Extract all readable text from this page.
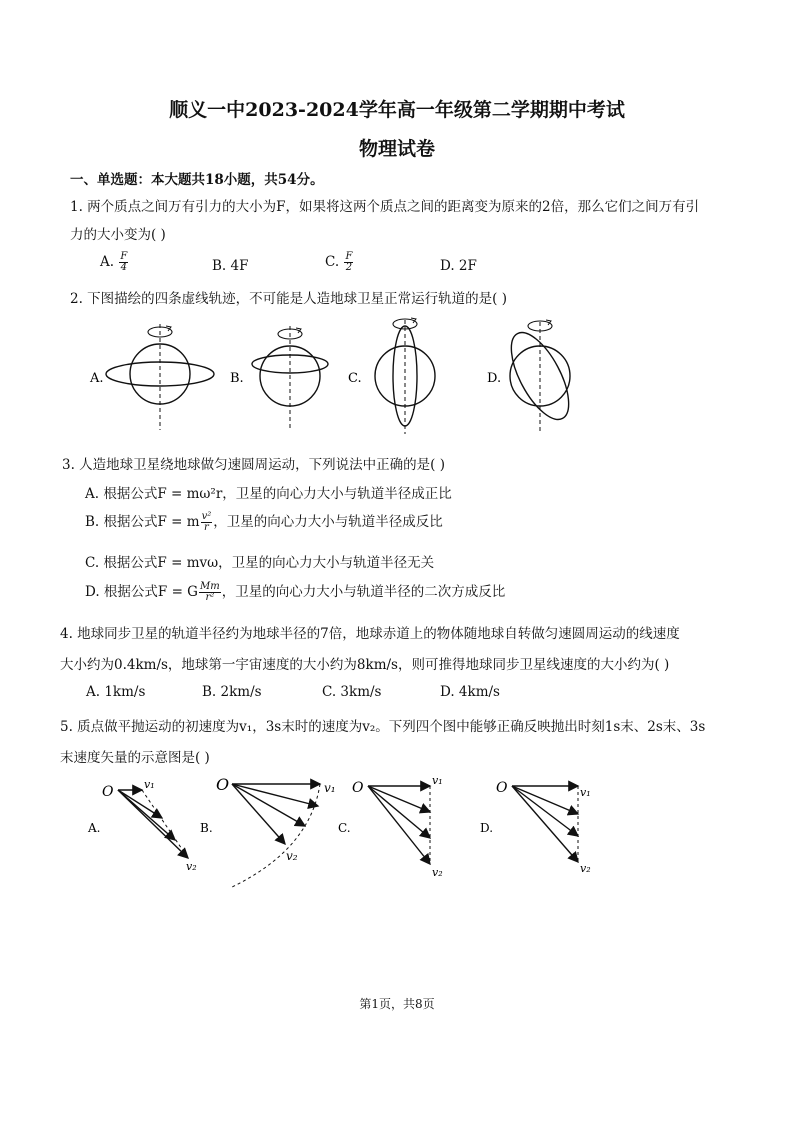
顺义一中2023-2024学年高一年级第二学期期中考试
物理试卷
一、单选题：本大题共18小题，共54分。
1. 两个质点之间万有引力的大小为F，如果将这两个质点之间的距离变为原来的2倍，那么它们之间万有引
力的大小变为( )
A. $\frac{F}{4}$	B. 4F	C. $\frac{F}{2}$	D. 2F
2. 下图描绘的四条虚线轨迹，不可能是人造地球卫星正常运行轨道的是( )
A.	B.	C.	D.
3. 人造地球卫星绕地球做匀速圆周运动，下列说法中正确的是( )
A. 根据公式F = mω²r，卫星的向心力大小与轨道半径成正比
B. 根据公式F = m $\frac{\text{v²}}{r}$ ，卫星的向心力大小与轨道半径成反比
C. 根据公式F = mvω，卫星的向心力大小与轨道半径无关
D. 根据公式F = G $\frac{Mm}{\text{r²}}$ ，卫星的向心力大小与轨道半径的二次方成反比
4. 地球同步卫星的轨道半径约为地球半径的7倍，地球赤道上的物体随地球自转做匀速圆周运动的线速度
大小约为0.4km/s，地球第一宇宙速度的大小约为8km/s，则可推得地球同步卫星线速度的大小约为( )
A. 1km/s	B. 2km/s	C. 3km/s	D. 4km/s
5. 质点做平抛运动的初速度为v₁，3s末时的速度为v₂。下列四个图中能够正确反映抛出时刻1s末、2s末、3s
末速度矢量的示意图是( )
A.
O	v₁
v₂
B.
O	v₁
v₂
C.
O	v₁
v₂
D.
O	v₁
v₂
第1页，共8页
